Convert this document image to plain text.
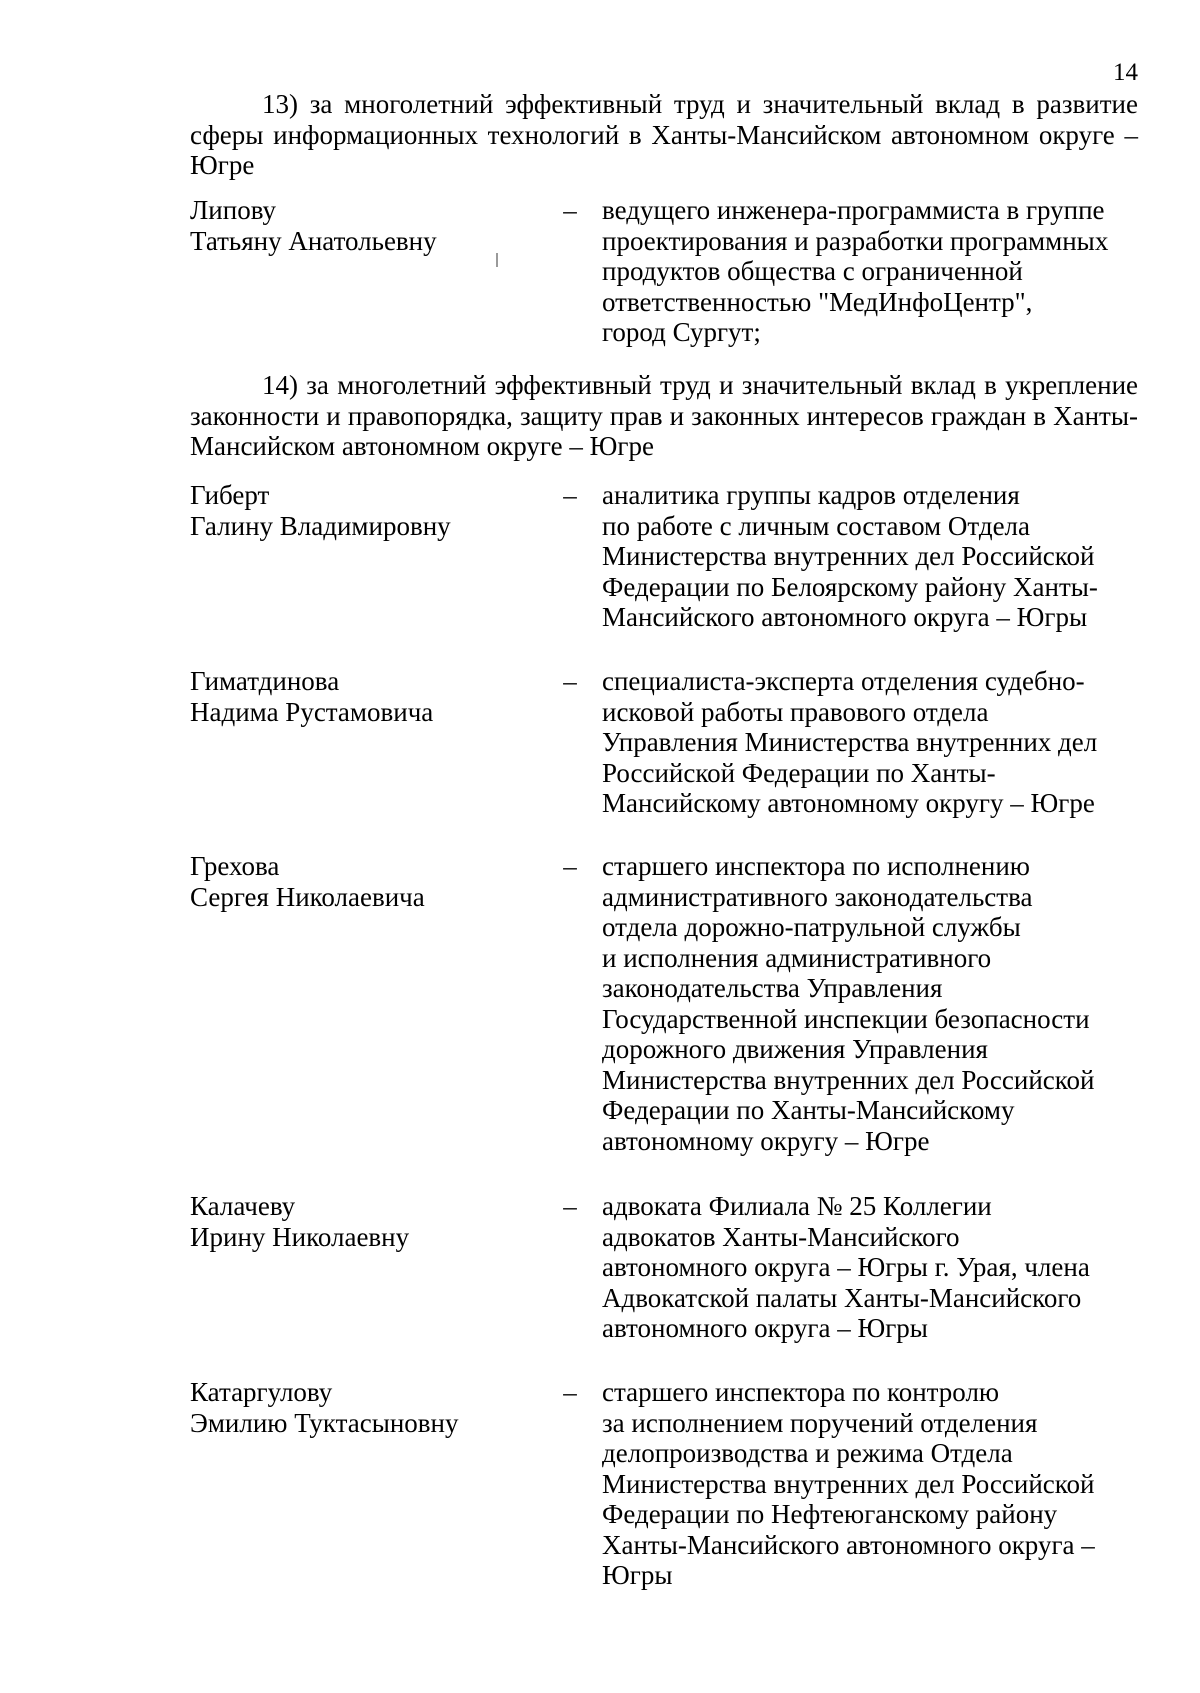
14

13) за многолетний эффективный труд и значительный вклад в развитие сферы информационных технологий в Ханты-Мансийском автономном округе – Югре

Липову
Татьяну Анатольевну
– ведущего инженера-программиста в группе
проектирования и разработки программных
продуктов общества с ограниченной
ответственностью "МедИнфоЦентр",
город Сургут;

14) за многолетний эффективный труд и значительный вклад в укрепление законности и правопорядка, защиту прав и законных интересов граждан в Ханты-Мансийском автономном округе – Югре

Гиберт
Галину Владимировну
– аналитика группы кадров отделения
по работе с личным составом Отдела
Министерства внутренних дел Российской
Федерации по Белоярскому району Ханты-
Мансийского автономного округа – Югры
Гиматдинова
Надима Рустамовича
– специалиста-эксперта отделения судебно-
исковой работы правового отдела
Управления Министерства внутренних дел
Российской Федерации по Ханты-
Мансийскому автономному округу – Югре
Грехова
Сергея Николаевича
– старшего инспектора по исполнению
административного законодательства
отдела дорожно-патрульной службы
и исполнения административного
законодательства Управления
Государственной инспекции безопасности
дорожного движения Управления
Министерства внутренних дел Российской
Федерации по Ханты-Мансийскому
автономному округу – Югре
Калачеву
Ирину Николаевну
– адвоката Филиала № 25 Коллегии
адвокатов Ханты-Мансийского
автономного округа – Югры г. Урая, члена
Адвокатской палаты Ханты-Мансийского
автономного округа – Югры
Катаргулову
Эмилию Туктасыновну
– старшего инспектора по контролю
за исполнением поручений отделения
делопроизводства и режима Отдела
Министерства внутренних дел Российской
Федерации по Нефтеюганскому району
Ханты-Мансийского автономного округа –
Югры
